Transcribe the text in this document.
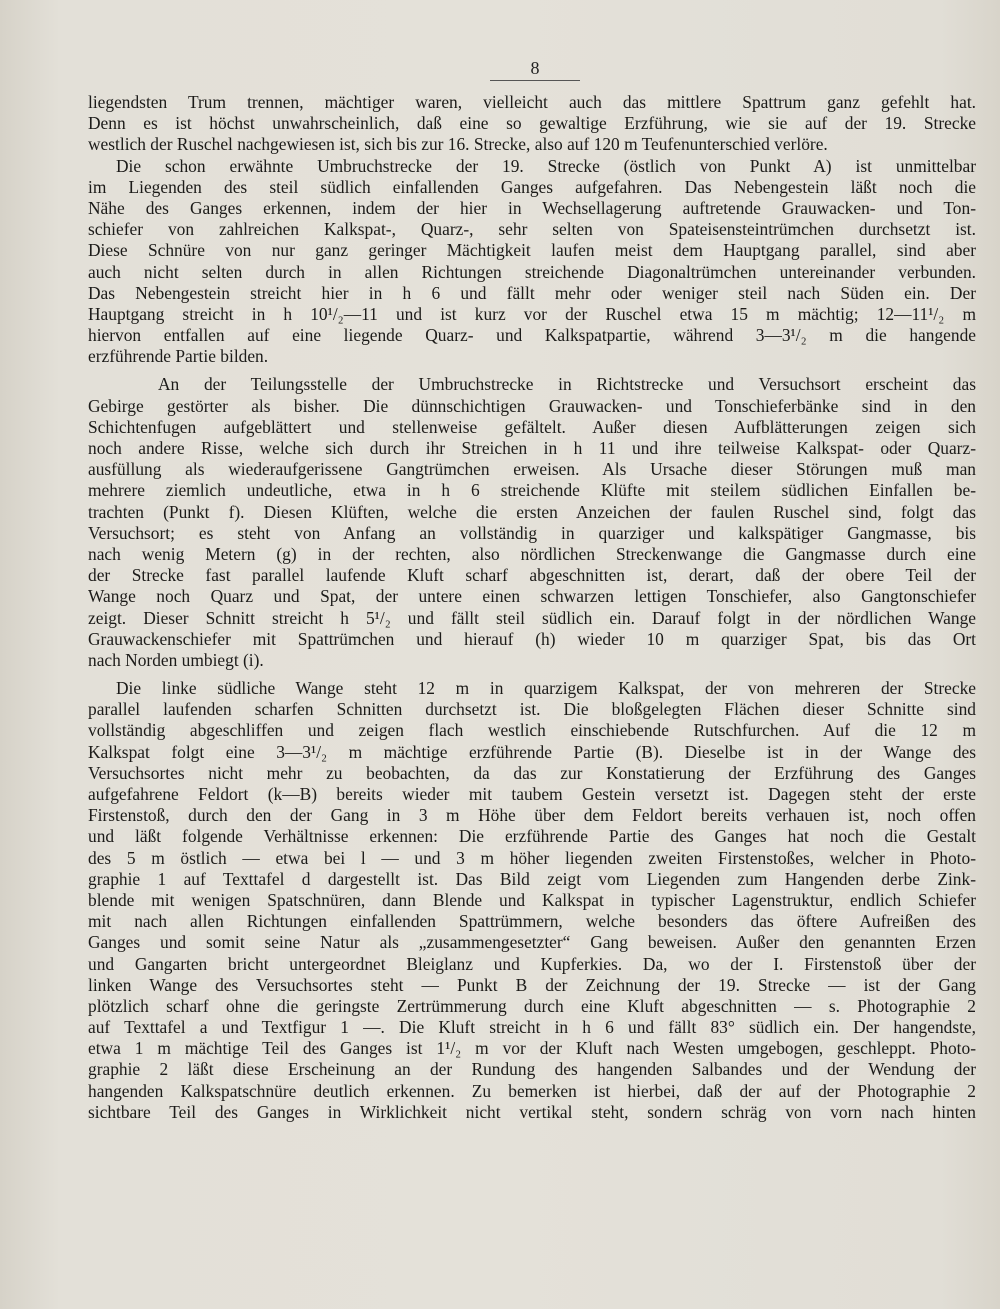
8
liegendsten Trum trennen, mächtiger waren, vielleicht auch das mittlere Spattrum ganz gefehlt hat.
Denn es ist höchst unwahrscheinlich, daß eine so gewaltige Erzführung, wie sie auf der 19. Strecke
westlich der Ruschel nachgewiesen ist, sich bis zur 16. Strecke, also auf 120 m Teufenunterschied verlöre.
Die schon erwähnte Umbruchstrecke der 19. Strecke (östlich von Punkt A) ist unmittelbar
im Liegenden des steil südlich einfallenden Ganges aufgefahren. Das Nebengestein läßt noch die
Nähe des Ganges erkennen, indem der hier in Wechsellagerung auftretende Grauwacken- und Ton-
schiefer von zahlreichen Kalkspat-, Quarz-, sehr selten von Spateisensteintrümchen durchsetzt ist.
Diese Schnüre von nur ganz geringer Mächtigkeit laufen meist dem Hauptgang parallel, sind aber
auch nicht selten durch in allen Richtungen streichende Diagonaltrümchen untereinander verbunden.
Das Nebengestein streicht hier in h 6 und fällt mehr oder weniger steil nach Süden ein. Der
Hauptgang streicht in h 10¹/₂—11 und ist kurz vor der Ruschel etwa 15 m mächtig; 12—11¹/₂ m
hiervon entfallen auf eine liegende Quarz- und Kalkspatpartie, während 3—3¹/₂ m die hangende
erzführende Partie bilden.
An der Teilungsstelle der Umbruchstrecke in Richtstrecke und Versuchsort erscheint das
Gebirge gestörter als bisher. Die dünnschichtigen Grauwacken- und Tonschieferbänke sind in den
Schichtenfugen aufgeblättert und stellenweise gefältelt. Außer diesen Aufblätterungen zeigen sich
noch andere Risse, welche sich durch ihr Streichen in h 11 und ihre teilweise Kalkspat- oder Quarz-
ausfüllung als wiederaufgerissene Gangtrümchen erweisen. Als Ursache dieser Störungen muß man
mehrere ziemlich undeutliche, etwa in h 6 streichende Klüfte mit steilem südlichen Einfallen be-
trachten (Punkt f). Diesen Klüften, welche die ersten Anzeichen der faulen Ruschel sind, folgt das
Versuchsort; es steht von Anfang an vollständig in quarziger und kalkspätiger Gangmasse, bis
nach wenig Metern (g) in der rechten, also nördlichen Streckenwange die Gangmasse durch eine
der Strecke fast parallel laufende Kluft scharf abgeschnitten ist, derart, daß der obere Teil der
Wange noch Quarz und Spat, der untere einen schwarzen lettigen Tonschiefer, also Gangtonschiefer
zeigt. Dieser Schnitt streicht h 5¹/₂ und fällt steil südlich ein. Darauf folgt in der nördlichen Wange
Grauwackenschiefer mit Spattrümchen und hierauf (h) wieder 10 m quarziger Spat, bis das Ort
nach Norden umbiegt (i).
Die linke südliche Wange steht 12 m in quarzigem Kalkspat, der von mehreren der Strecke
parallel laufenden scharfen Schnitten durchsetzt ist. Die bloßgelegten Flächen dieser Schnitte sind
vollständig abgeschliffen und zeigen flach westlich einschiebende Rutschfurchen. Auf die 12 m
Kalkspat folgt eine 3—3¹/₂ m mächtige erzführende Partie (B). Dieselbe ist in der Wange des
Versuchsortes nicht mehr zu beobachten, da das zur Konstatierung der Erzführung des Ganges
aufgefahrene Feldort (k—B) bereits wieder mit taubem Gestein versetzt ist. Dagegen steht der erste
Firstenstoß, durch den der Gang in 3 m Höhe über dem Feldort bereits verhauen ist, noch offen
und läßt folgende Verhältnisse erkennen: Die erzführende Partie des Ganges hat noch die Gestalt
des 5 m östlich — etwa bei l — und 3 m höher liegenden zweiten Firstenstoßes, welcher in Photo-
graphie 1 auf Texttafel d dargestellt ist. Das Bild zeigt vom Liegenden zum Hangenden derbe Zink-
blende mit wenigen Spatschnüren, dann Blende und Kalkspat in typischer Lagenstruktur, endlich Schiefer
mit nach allen Richtungen einfallenden Spattrümmern, welche besonders das öftere Aufreißen des
Ganges und somit seine Natur als „zusammengesetzter“ Gang beweisen. Außer den genannten Erzen
und Gangarten bricht untergeordnet Bleiglanz und Kupferkies. Da, wo der I. Firstenstoß über der
linken Wange des Versuchsortes steht — Punkt B der Zeichnung der 19. Strecke — ist der Gang
plötzlich scharf ohne die geringste Zertrümmerung durch eine Kluft abgeschnitten — s. Photographie 2
auf Texttafel a und Textfigur 1 —. Die Kluft streicht in h 6 und fällt 83° südlich ein. Der hangendste,
etwa 1 m mächtige Teil des Ganges ist 1¹/₂ m vor der Kluft nach Westen umgebogen, geschleppt. Photo-
graphie 2 läßt diese Erscheinung an der Rundung des hangenden Salbandes und der Wendung der
hangenden Kalkspatschnüre deutlich erkennen. Zu bemerken ist hierbei, daß der auf der Photographie 2
sichtbare Teil des Ganges in Wirklichkeit nicht vertikal steht, sondern schräg von vorn nach hinten
